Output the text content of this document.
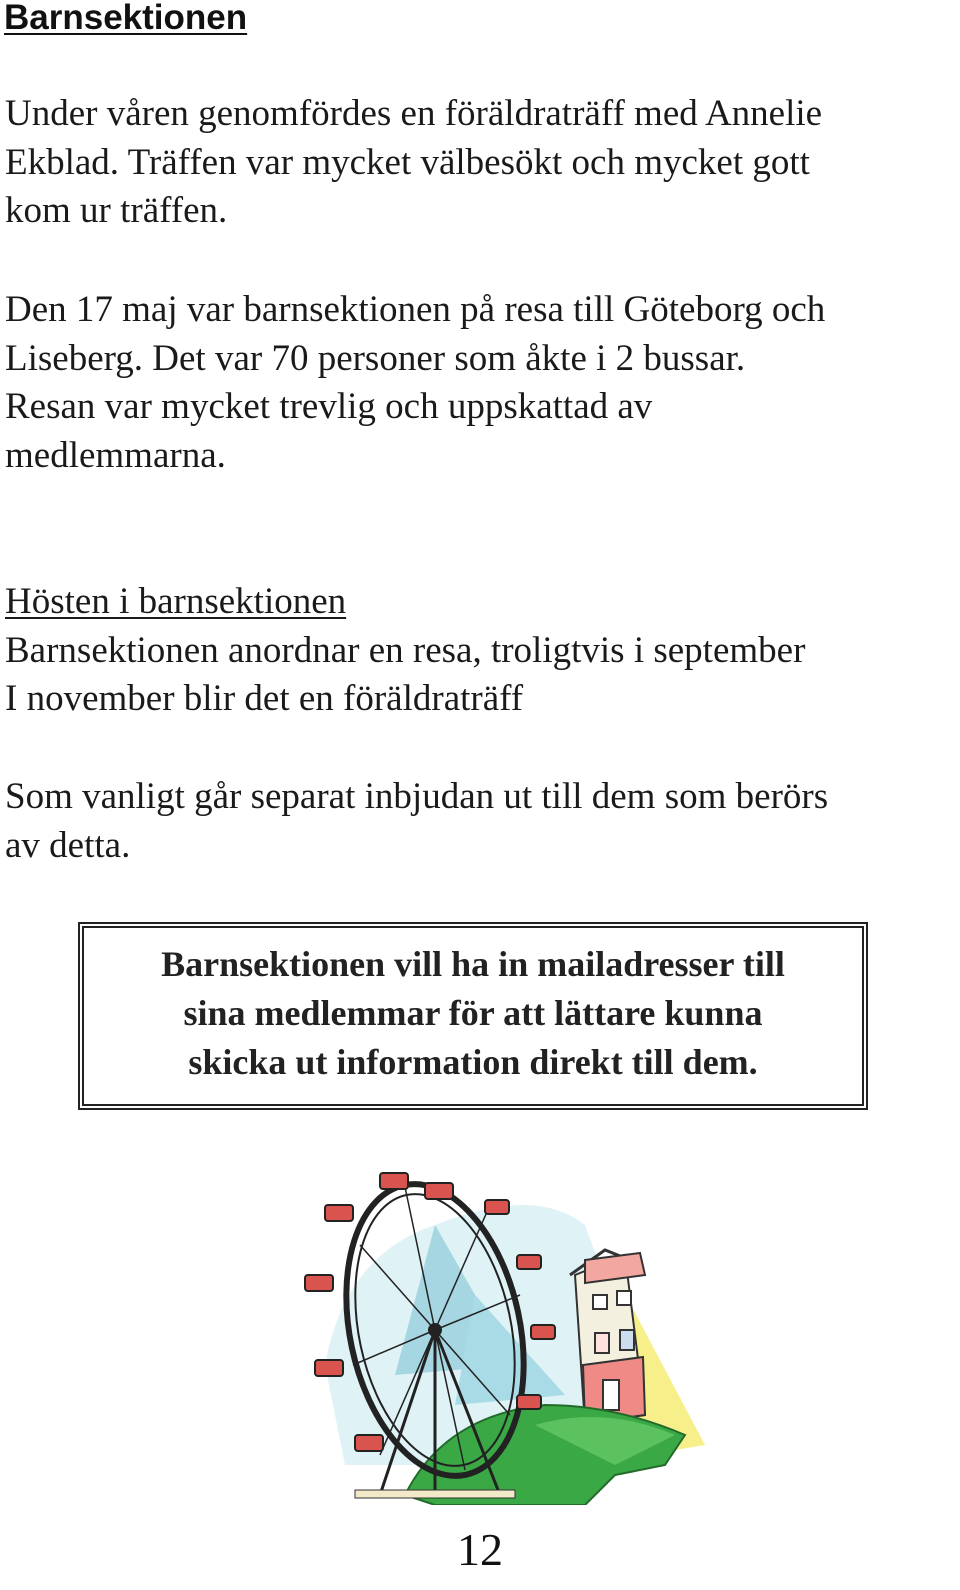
Barnsektionen

Under våren genomfördes en föräldraträff med Annelie
Ekblad. Träffen var mycket välbesökt och mycket gott
kom ur träffen.

Den 17 maj var barnsektionen på resa till Göteborg och
Liseberg. Det var 70 personer som åkte i 2 bussar.
Resan var mycket trevlig och uppskattad av
medlemmarna.

Hösten i barnsektionen
Barnsektionen anordnar en resa, troligtvis i september
I november blir det en föräldraträff

Som vanligt går separat inbjudan ut till dem som berörs
av detta.

Barnsektionen vill ha in mailadresser till
sina medlemmar för att lättare kunna
skicka ut information direkt till dem.
12
